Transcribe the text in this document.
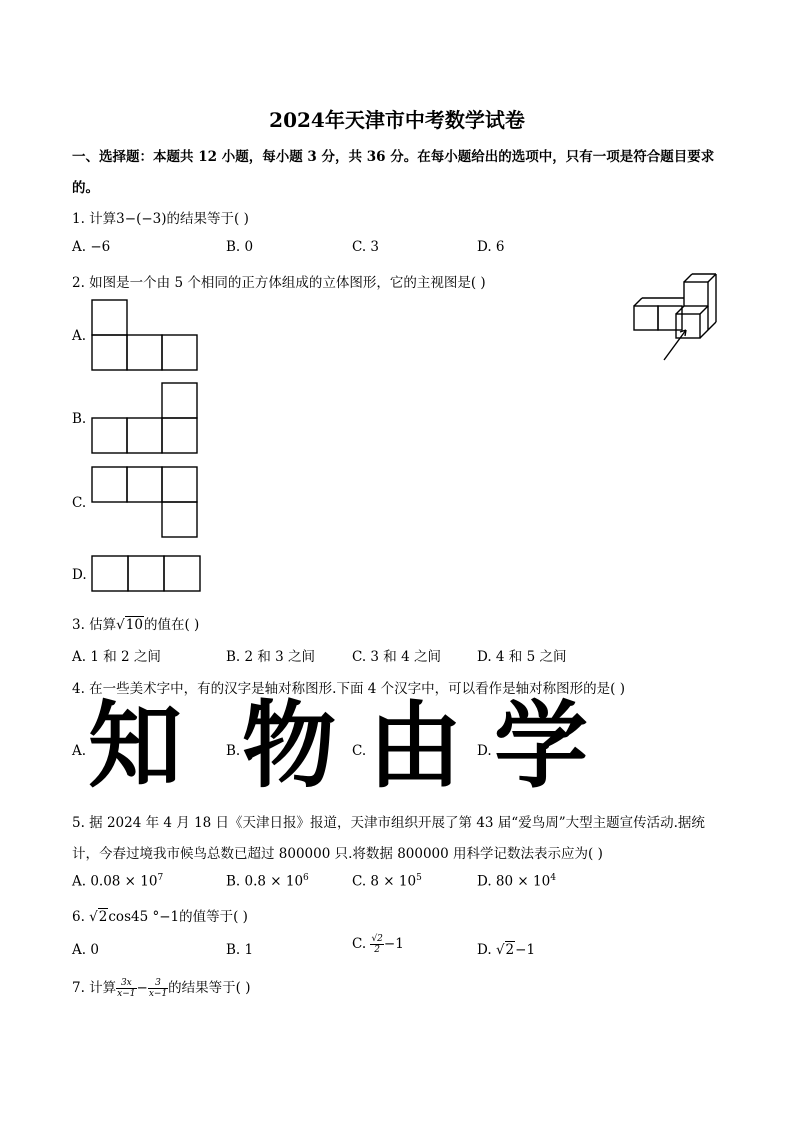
2024年天津市中考数学试卷
一、选择题：本题共 12 小题，每小题 3 分，共 36 分。在每小题给出的选项中，只有一项是符合题目要求
的。
1. 计算3−(−3)的结果等于( )
A. −6	B. 0	C. 3	D. 6
2. 如图是一个由 5 个相同的正方体组成的立体图形，它的主视图是( )
A.
B.
C.
D.
3. 估算√10的值在( )
A. 1 和 2 之间	B. 2 和 3 之间	C. 3 和 4 之间	D. 4 和 5 之间
4. 在一些美术字中，有的汉字是轴对称图形.下面 4 个汉字中，可以看作是轴对称图形的是( )
A. 知	B. 物 C. 由 D. 学
5. 据 2024 年 4 月 18 日《天津日报》报道，天津市组织开展了第 43 届“爱鸟周”大型主题宣传活动.据统
计，今春过境我市候鸟总数已超过 800000 只.将数据 800000 用科学记数法表示应为( )
A. $0.08 \times 10^7$	B. $0.8 \times 10^6$	C. $8 \times 10^5$	D. $80 \times 10^4$
6. √2cos45 °−1的值等于( )
A. 0	B. 1	C. $\frac{√2}{2} -1$	D. √2−1
7. 计算 $\frac{3x}{x-1} - \frac{3}{x-1}$ 的结果等于( )
